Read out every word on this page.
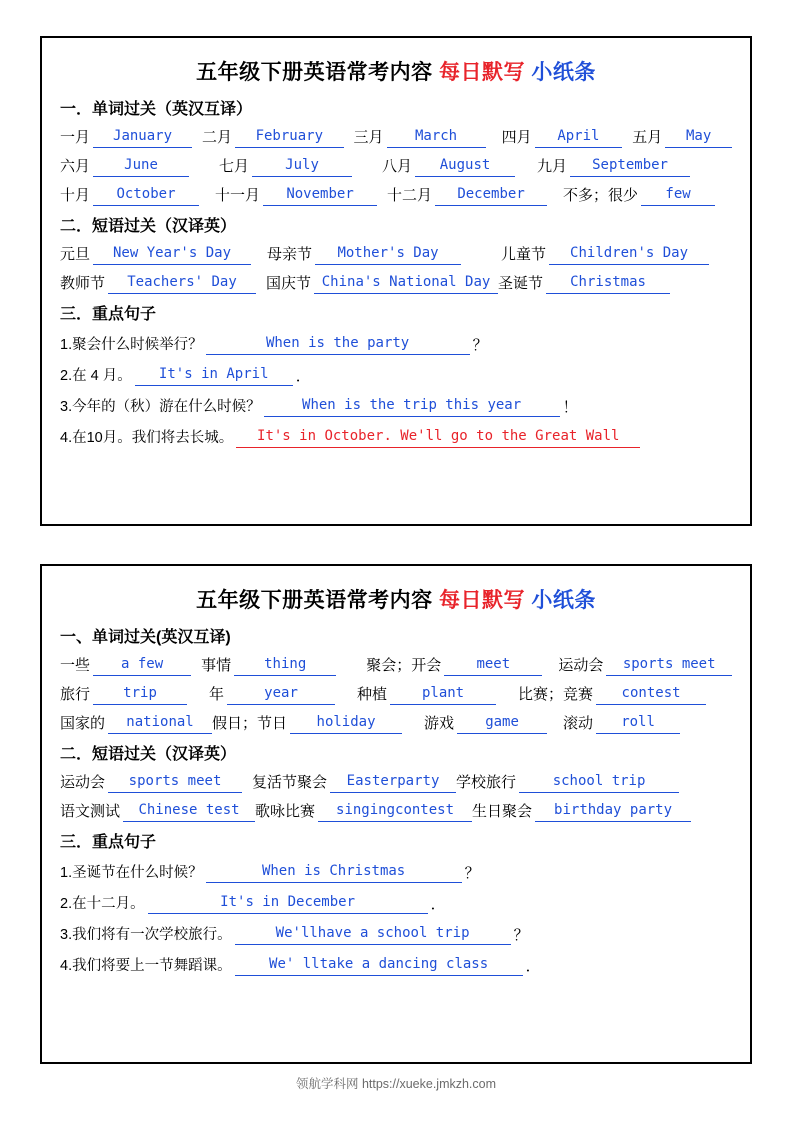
五年级下册英语常考内容 每日默写 小纸条
一．单词过关（英汉互译）
一月	January	二月	February	三月	March	四月	April	五月	May
六月	June	七月	July	八月	August	九月	September
十月	October	十一月	November	十二月	December	不多；很少	few
二．短语过关（汉译英）
元旦	New Year's Day	母亲节	Mother's Day	儿童节	Children's Day
教师节	Teachers' Day	国庆节 China's National Day 圣诞节	Christmas
三．重点句子
1.聚会什么时候举行？	When is the party	？
2.在 4 月。	It's in April	．
3.今年的（秋）游在什么时候？	When is the trip this year	！
4.在10月。我们将去长城。	It's in October. We'll go to the Great Wall
五年级下册英语常考内容 每日默写 小纸条
一、单词过关(英汉互译)
一些	a few	事情	thing	聚会；开会	meet	运动会	sports meet
旅行	trip	年	year	种植	plant	比赛；竞赛	contest
国家的	national	假日；节日	holiday	游戏	game	滚动	roll
二．短语过关（汉译英）
运动会	sports meet	复活节聚会	Easterparty	学校旅行	school trip
语文测试	Chinese test	歌咏比赛	singingcontest	生日聚会	birthday party
三．重点句子
1.圣诞节在什么时候？	When is Christmas	？
2.在十二月。	It's in December	．
3.我们将有一次学校旅行。	We'llhave a school trip	？
4.我们将要上一节舞蹈课。	We' lltake a dancing class	．
领航学科网 https://xueke.jmkzh.com
